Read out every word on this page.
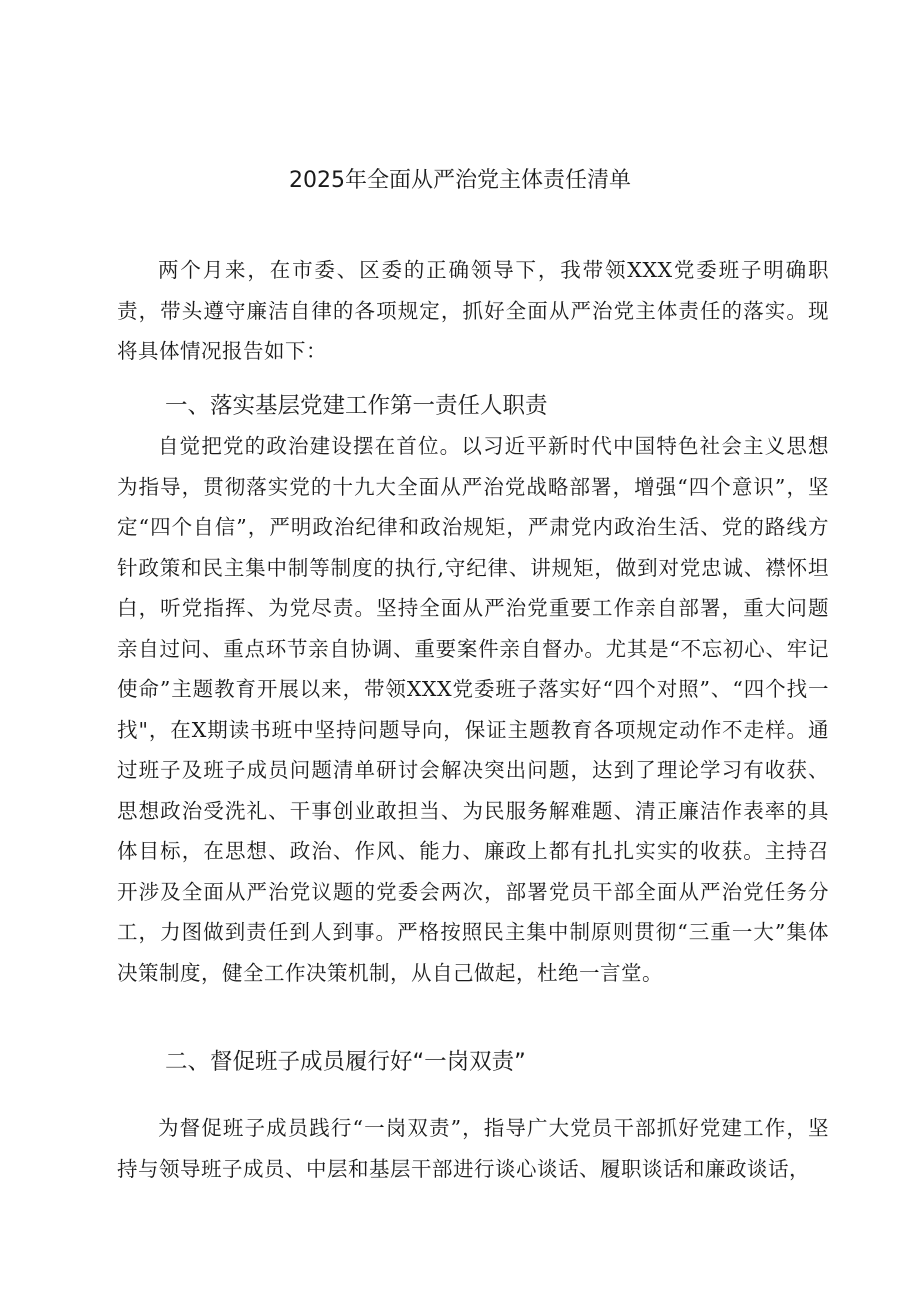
2025年全面从严治党主体责任清单

两个月来，在市委、区委的正确领导下，我带领XXX党委班子明确职责，带头遵守廉洁自律的各项规定，抓好全面从严治党主体责任的落实。现将具体情况报告如下：

一、落实基层党建工作第一责任人职责

自觉把党的政治建设摆在首位。以习近平新时代中国特色社会主义思想为指导，贯彻落实党的十九大全面从严治党战略部署，增强“四个意识”，坚定“四个自信”，严明政治纪律和政治规矩，严肃党内政治生活、党的路线方针政策和民主集中制等制度的执行,守纪律、讲规矩，做到对党忠诚、襟怀坦白，听党指挥、为党尽责。坚持全面从严治党重要工作亲自部署，重大问题亲自过问、重点环节亲自协调、重要案件亲自督办。尤其是“不忘初心、牢记使命”主题教育开展以来，带领XXX党委班子落实好“四个对照”、“四个找一找"，在X期读书班中坚持问题导向，保证主题教育各项规定动作不走样。通过班子及班子成员问题清单研讨会解决突出问题，达到了理论学习有收获、思想政治受洗礼、干事创业敢担当、为民服务解难题、清正廉洁作表率的具体目标，在思想、政治、作风、能力、廉政上都有扎扎实实的收获。主持召开涉及全面从严治党议题的党委会两次，部署党员干部全面从严治党任务分工，力图做到责任到人到事。严格按照民主集中制原则贯彻“三重一大”集体决策制度，健全工作决策机制，从自己做起，杜绝一言堂。

二、督促班子成员履行好“一岗双责”

为督促班子成员践行“一岗双责”，指导广大党员干部抓好党建工作，坚持与领导班子成员、中层和基层干部进行谈心谈话、履职谈话和廉政谈话，
